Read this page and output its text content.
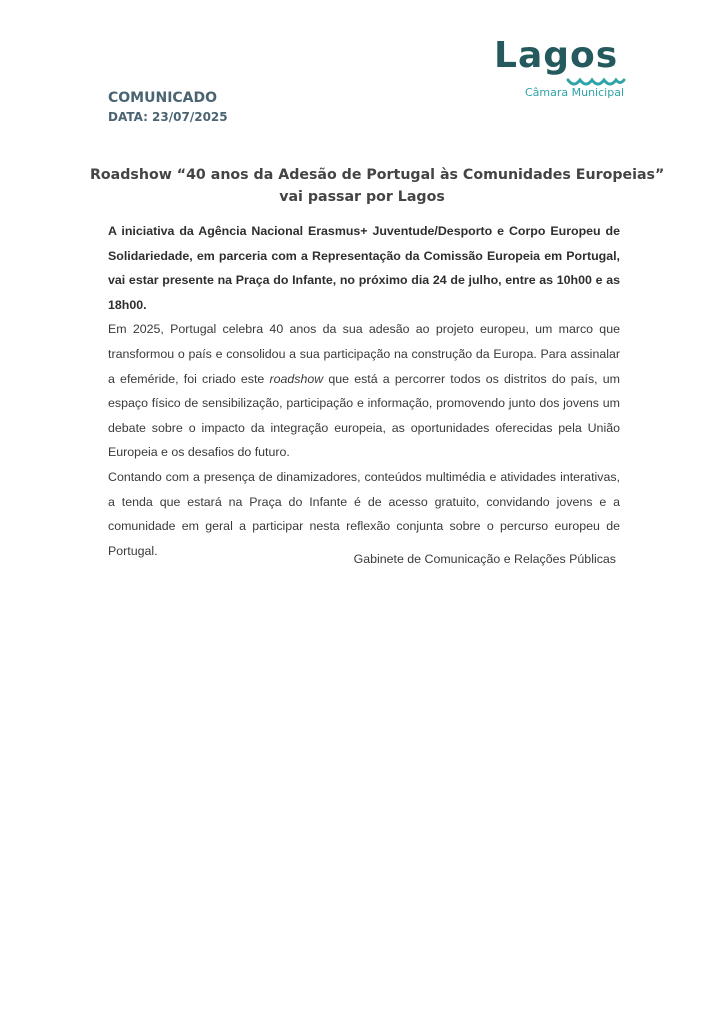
Lagos
Câmara Municipal
COMUNICADO
DATA: 23/07/2025
Roadshow “40 anos da Adesão de Portugal às Comunidades Europeias”
vai passar por Lagos

A iniciativa da Agência Nacional Erasmus+ Juventude/Desporto e Corpo Europeu de Solidariedade, em parceria com a Representação da Comissão Europeia em Portugal, vai estar presente na Praça do Infante, no próximo dia 24 de julho, entre as 10h00 e as 18h00.

Em 2025, Portugal celebra 40 anos da sua adesão ao projeto europeu, um marco que transformou o país e consolidou a sua participação na construção da Europa. Para assinalar a efeméride, foi criado este roadshow que está a percorrer todos os distritos do país, um espaço físico de sensibilização, participação e informação, promovendo junto dos jovens um debate sobre o impacto da integração europeia, as oportunidades oferecidas pela União Europeia e os desafios do futuro.

Contando com a presença de dinamizadores, conteúdos multimédia e atividades interativas, a tenda que estará na Praça do Infante é de acesso gratuito, convidando jovens e a comunidade em geral a participar nesta reflexão conjunta sobre o percurso europeu de Portugal.

Gabinete de Comunicação e Relações Públicas
